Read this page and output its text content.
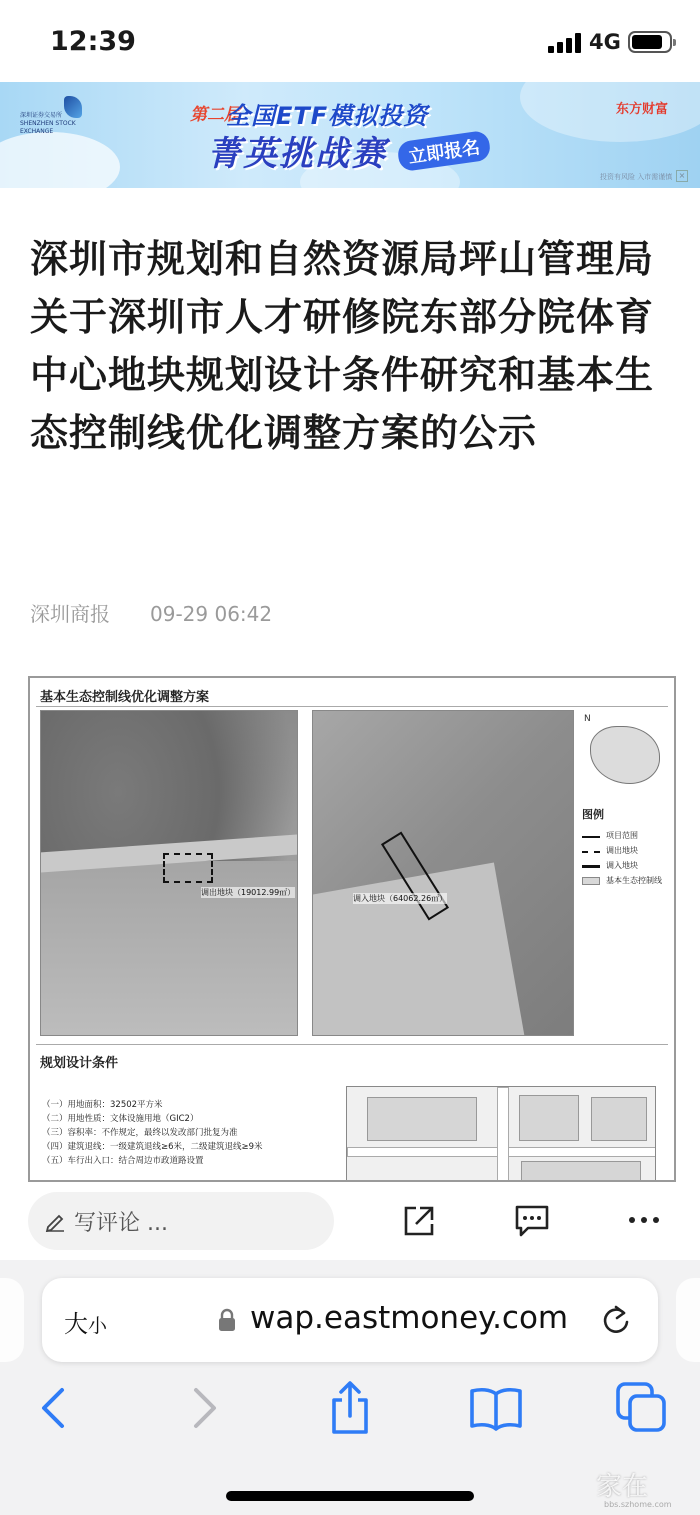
12:39	4G
深圳证券交易所
SHENZHEN STOCK EXCHANGE
第二届
全国ETF模拟投资
菁英挑战赛	立即报名
东方财富
投资有风险 入市需谨慎 ×
深圳市规划和自然资源局坪山管理局关于深圳市人才研修院东部分院体育中心地块规划设计条件研究和基本生态控制线优化调整方案的公示
深圳商报 09-29 06:42
基本生态控制线优化调整方案
调出地块（19012.99㎡）
调入地块（64062.26㎡）
N
图例
项目范围
调出地块
调入地块
基本生态控制线
规划设计条件
（一）用地面积：32502平方米
（二）用地性质：文体设施用地（GIC2）
（三）容积率：不作规定，最终以发改部门批复为准
（四）建筑退线：一级建筑退线≥6米，二级建筑退线≥9米
（五）车行出入口：结合周边市政道路设置
写评论 ...
大小	wap.eastmoney.com
家在
bbs.szhome.com
